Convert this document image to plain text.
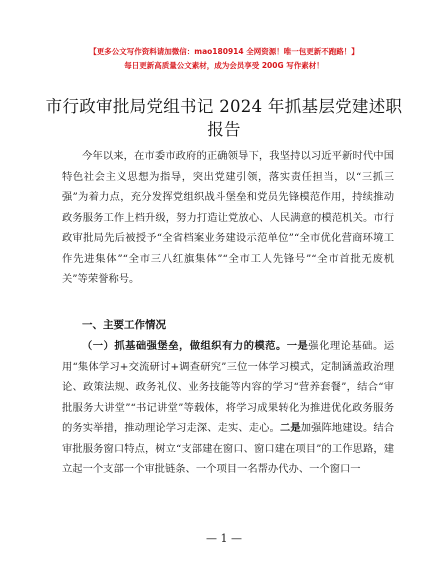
【更多公文写作资料请加微信：mao180914 全网资源！唯一包更新不跑路！】
每日更新高质量公文素材，成为会员享受 200G 写作素材！
市行政审批局党组书记 2024 年抓基层党建述职报告
今年以来，在市委市政府的正确领导下，我坚持以习近平新时代中国特色社会主义思想为指导，突出党建引领，落实责任担当，以“三抓三强”为着力点，充分发挥党组织战斗堡垒和党员先锋模范作用，持续推动政务服务工作上档升级，努力打造让党放心、人民满意的模范机关。市行政审批局先后被授予“全省档案业务建设示范单位”“全市优化营商环境工作先进集体”“全市三八红旗集体”“全市工人先锋号”“全市首批无废机关”等荣誉称号。
一、主要工作情况
（一）抓基础强堡垒，做组织有力的模范。一是强化理论基础。运用“集体学习+交流研讨+调查研究”三位一体学习模式，定制涵盖政治理论、政策法规、政务礼仪、业务技能等内容的学习“营养套餐”，结合“审批服务大讲堂”“书记讲堂”等载体，将学习成果转化为推进优化政务服务的务实举措，推动理论学习走深、走实、走心。二是加强阵地建设。结合审批服务窗口特点，树立“支部建在窗口、窗口建在项目”的工作思路，建立起一个支部一个审批链条、一个项目一名帮办代办、一个窗口一
— 1 —
